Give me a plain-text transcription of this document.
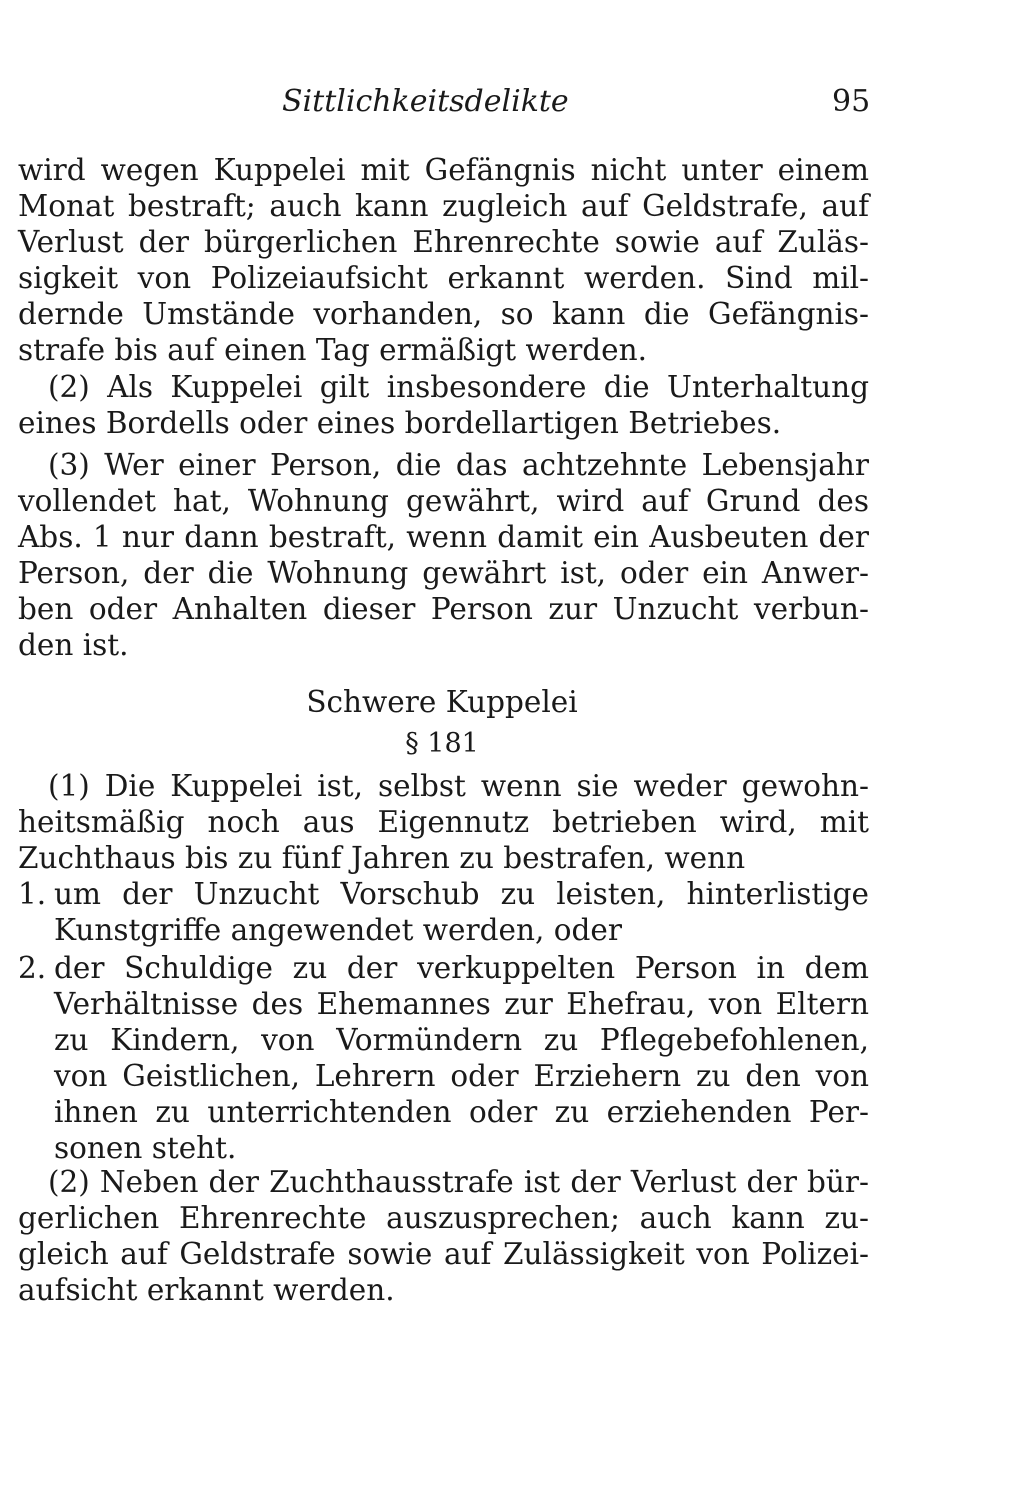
Sittlichkeitsdelikte	95
wird wegen Kuppelei mit Gefängnis nicht unter einem
Monat bestraft; auch kann zugleich auf Geldstrafe, auf
Verlust der bürgerlichen Ehrenrechte sowie auf Zuläs-
sigkeit von Polizeiaufsicht erkannt werden. Sind mil-
dernde Umstände vorhanden, so kann die Gefängnis-
strafe bis auf einen Tag ermäßigt werden.
(2) Als Kuppelei gilt insbesondere die Unterhaltung
eines Bordells oder eines bordellartigen Betriebes.
(3) Wer einer Person, die das achtzehnte Lebensjahr
vollendet hat, Wohnung gewährt, wird auf Grund des
Abs. 1 nur dann bestraft, wenn damit ein Ausbeuten der
Person, der die Wohnung gewährt ist, oder ein Anwer-
ben oder Anhalten dieser Person zur Unzucht verbun-
den ist.
Schwere Kuppelei
§ 181
(1) Die Kuppelei ist, selbst wenn sie weder gewohn-
heitsmäßig noch aus Eigennutz betrieben wird, mit
Zuchthaus bis zu fünf Jahren zu bestrafen, wenn
1. um der Unzucht Vorschub zu leisten, hinterlistige
Kunstgriffe angewendet werden, oder
2. der Schuldige zu der verkuppelten Person in dem
Verhältnisse des Ehemannes zur Ehefrau, von Eltern
zu Kindern, von Vormündern zu Pflegebefohlenen,
von Geistlichen, Lehrern oder Erziehern zu den von
ihnen zu unterrichtenden oder zu erziehenden Per-
sonen steht.
(2) Neben der Zuchthausstrafe ist der Verlust der bür-
gerlichen Ehrenrechte auszusprechen; auch kann zu-
gleich auf Geldstrafe sowie auf Zulässigkeit von Polizei-
aufsicht erkannt werden.
